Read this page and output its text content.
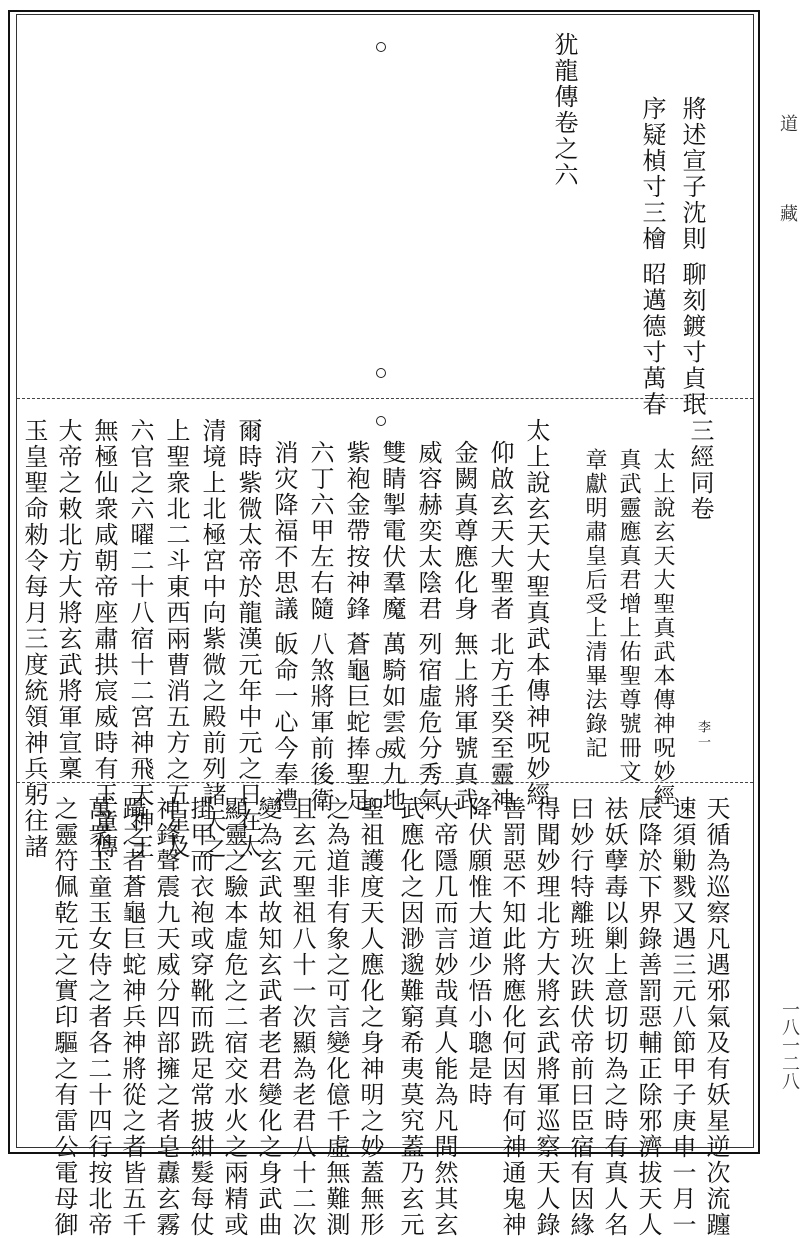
道
藏
一八一二八
犹龍傳卷之六	將述宣子沈則 聊刻鍍寸貞珉
序疑楨寸三檜 昭邁德寸萬春
三經同卷
李一
太上說玄天大聖真武本傳神呪妙經
真武靈應真君增上佑聖尊號冊文
章獻明肅皇后受上清畢法錄記
太上說玄天大聖真武本傳神呪妙經
仰啟玄天大聖者 北方壬癸至靈神
金闕真尊應化身 無上將軍號真武
威容赫奕太陰君 列宿虛危分秀氣
雙睛掣電伏羣魔 萬騎如雲威九地
紫袍金帶按神鋒 蒼龜巨蛇捧聖足
六丁六甲左右隨 八煞將軍前後衛
消灾降福不思議 皈命一心今奉禮
爾時紫微太帝於龍漢元年中元之日在太
清境上北極宮中向紫微之殿前列諸天之
上聖衆北二斗東西兩曹消五方之五星及
六官之六曜二十八宿十二宮神飛天神王
無極仙衆咸朝帝座肅拱宸威時有玉童傳
大帝之敕北方大將玄武將軍宣稟
玉皇聖命勑令每月三度統領神兵躬往諸
天循為巡察凡遇邪氣及有妖星逆次流躔
速須勦戮又遇三元八節甲子庚申一月一
辰降於下界錄善罰惡輔正除邪濟拔天人
祛妖孽毒以剿上意切切為之時有真人名
曰妙行特離班次趺伏帝前曰臣宿有因緣
得聞妙理北方大將玄武將軍巡察天人錄
善罰惡不知此將應化何因有何神通鬼神
降伏願惟大道少悟小聰是時
大帝隱几而言妙哉真人能為凡間然其玄
武應化之因渺邈難窮希夷莫究蓋乃玄元
聖祖護度天人應化之身神明之妙蓋無形
之為道非有象之可言變化億千虛無難測
且玄元聖祖八十一次顯為老君八十二次
變為玄武故知玄武者老君變化之身武曲
顯靈之驗本虛危之二宿交水火之兩精或
掛甲而衣袍或穿靴而跣足常披紺髮每仗
神鋒聲震九天威分四部擁之者皂纛玄霧
躡之者蒼龜巨蛇神兵神將從之者皆五千
萬衆玉童玉女侍之者各二十四行按北帝
之靈符佩乾元之實印驅之有雷公電母御
